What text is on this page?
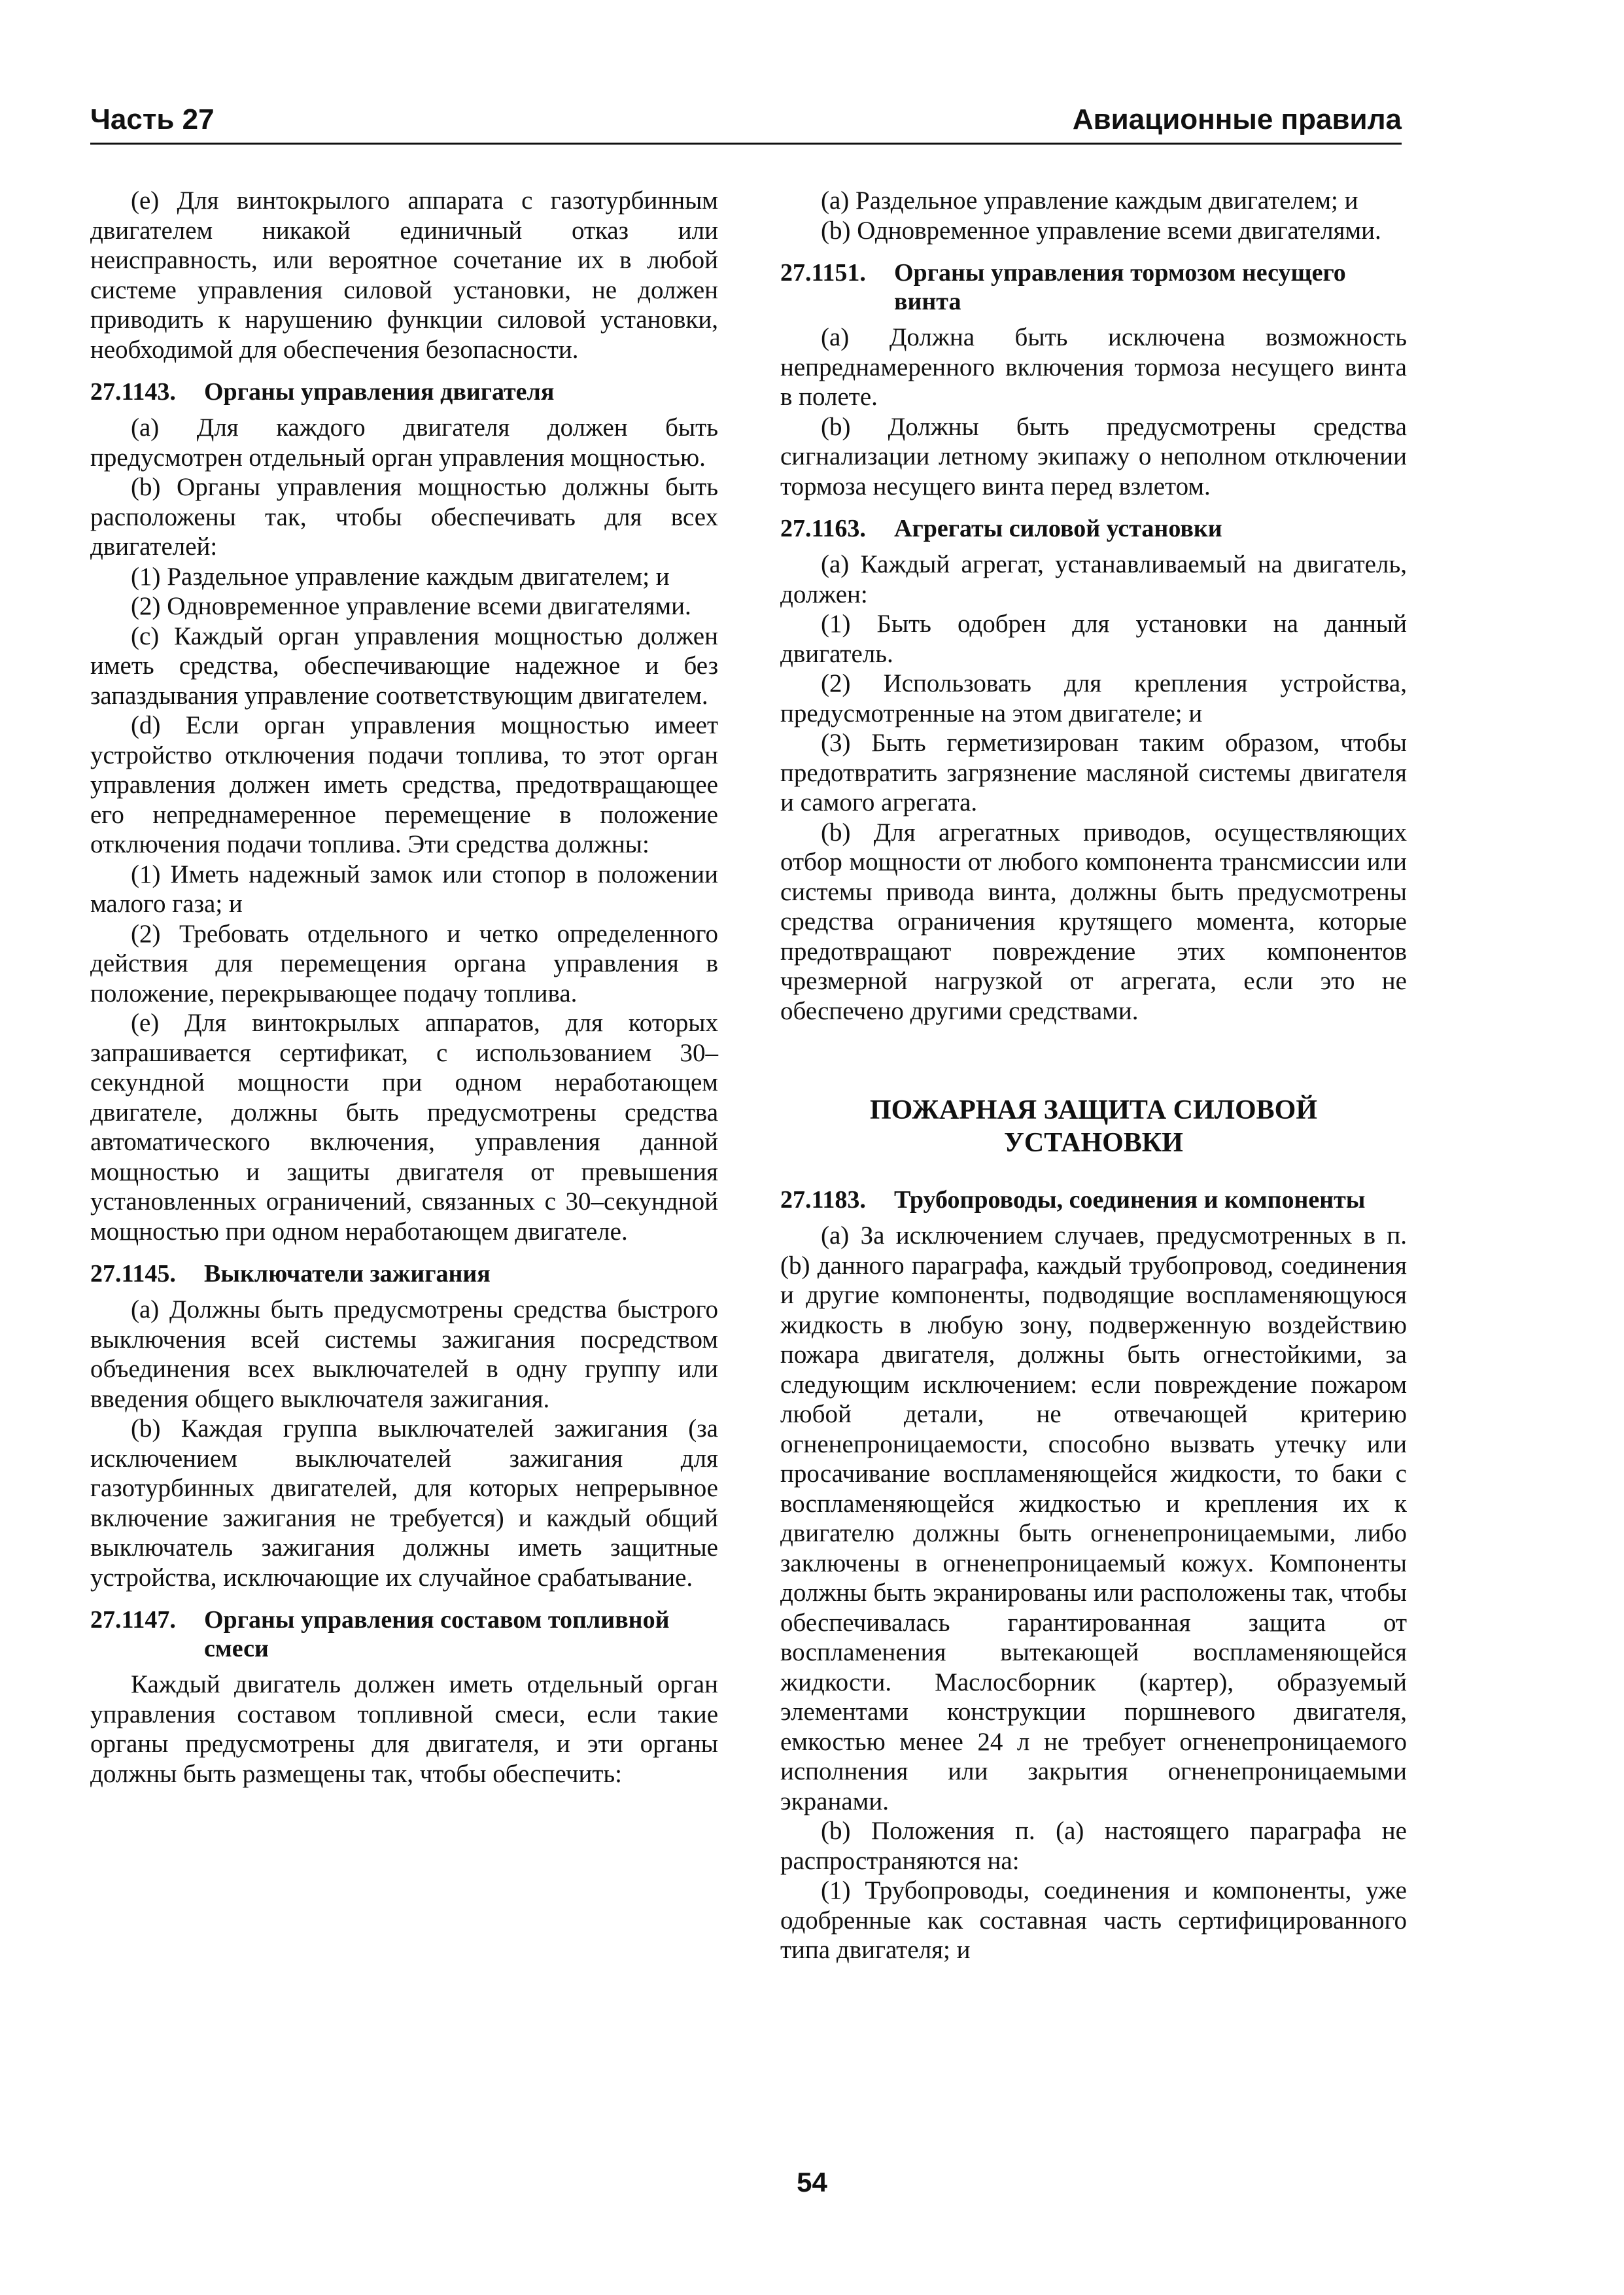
Часть 27	Авиационные правила

(е) Для винтокрылого аппарата с газотурбинным двигателем никакой единичный отказ или неисправность, или вероятное сочетание их в любой системе управления силовой установки, не должен приводить к нарушению функции силовой установки, необходимой для обеспечения безопасности.

27.1143. Органы управления двигателя

(a) Для каждого двигателя должен быть предусмотрен отдельный орган управления мощностью.

(b) Органы управления мощностью должны быть расположены так, чтобы обеспечивать для всех двигателей:

(1) Раздельное управление каждым двигателем; и

(2) Одновременное управление всеми двигателями.

(c) Каждый орган управления мощностью должен иметь средства, обеспечивающие надежное и без запаздывания управление соответствующим двигателем.

(d) Если орган управления мощностью имеет устройство отключения подачи топлива, то этот орган управления должен иметь средства, предотвращающее его непреднамеренное перемещение в положение отключения подачи топлива. Эти средства должны:

(1) Иметь надежный замок или стопор в положении малого газа; и

(2) Требовать отдельного и четко определенного действия для перемещения органа управления в положение, перекрывающее подачу топлива.

(е) Для винтокрылых аппаратов, для которых запрашивается сертификат, с использованием 30–секундной мощности при одном неработающем двигателе, должны быть предусмотрены средства автоматического включения, управления данной мощностью и защиты двигателя от превышения установленных ограничений, связанных с 30–секундной мощностью при одном неработающем двигателе.

27.1145. Выключатели зажигания

(a) Должны быть предусмотрены средства быстрого выключения всей системы зажигания посредством объединения всех выключателей в одну группу или введения общего выключателя зажигания.

(b) Каждая группа выключателей зажигания (за исключением выключателей зажигания для газотурбинных двигателей, для которых непрерывное включение зажигания не требуется) и каждый общий выключатель зажигания должны иметь защитные устройства, исключающие их случайное срабатывание.

27.1147. Органы управления составом топливной смеси

Каждый двигатель должен иметь отдельный орган управления составом топливной смеси, если такие органы предусмотрены для двигателя, и эти органы должны быть размещены так, чтобы обеспечить:

(a) Раздельное управление каждым двигателем; и

(b) Одновременное управление всеми двигателями.

27.1151. Органы управления тормозом несущего винта

(a) Должна быть исключена возможность непреднамеренного включения тормоза несущего винта в полете.

(b) Должны быть предусмотрены средства сигнализации летному экипажу о неполном отключении тормоза несущего винта перед взлетом.

27.1163. Агрегаты силовой установки

(a) Каждый агрегат, устанавливаемый на двигатель, должен:

(1) Быть одобрен для установки на данный двигатель.

(2) Использовать для крепления устройства, предусмотренные на этом двигателе; и

(3) Быть герметизирован таким образом, чтобы предотвратить загрязнение масляной системы двигателя и самого агрегата.

(b) Для агрегатных приводов, осуществляющих отбор мощности от любого компонента трансмиссии или системы привода винта, должны быть предусмотрены средства ограничения крутящего момента, которые предотвращают повреждение этих компонентов чрезмерной нагрузкой от агрегата, если это не обеспечено другими средствами.

ПОЖАРНАЯ ЗАЩИТА СИЛОВОЙ УСТАНОВКИ
27.1183. Трубопроводы, соединения и компоненты

(a) За исключением случаев, предусмотренных в п. (b) данного параграфа, каждый трубопровод, соединения и другие компоненты, подводящие воспламеняющуюся жидкость в любую зону, подверженную воздействию пожара двигателя, должны быть огнестойкими, за следующим исключением: если повреждение пожаром любой детали, не отвечающей критерию огненепроницаемости, способно вызвать утечку или просачивание воспламеняющейся жидкости, то баки с воспламеняющейся жидкостью и крепления их к двигателю должны быть огненепроницаемыми, либо заключены в огненепроницаемый кожух. Компоненты должны быть экранированы или расположены так, чтобы обеспечивалась гарантированная защита от воспламенения вытекающей воспламеняющейся жидкости. Маслосборник (картер), образуемый элементами конструкции поршневого двигателя, емкостью менее 24 л не требует огненепроницаемого исполнения или закрытия огненепроницаемыми экранами.

(b) Положения п. (a) настоящего параграфа не распространяются на:

(1) Трубопроводы, соединения и компоненты, уже одобренные как составная часть сертифицированного типа двигателя; и

54
